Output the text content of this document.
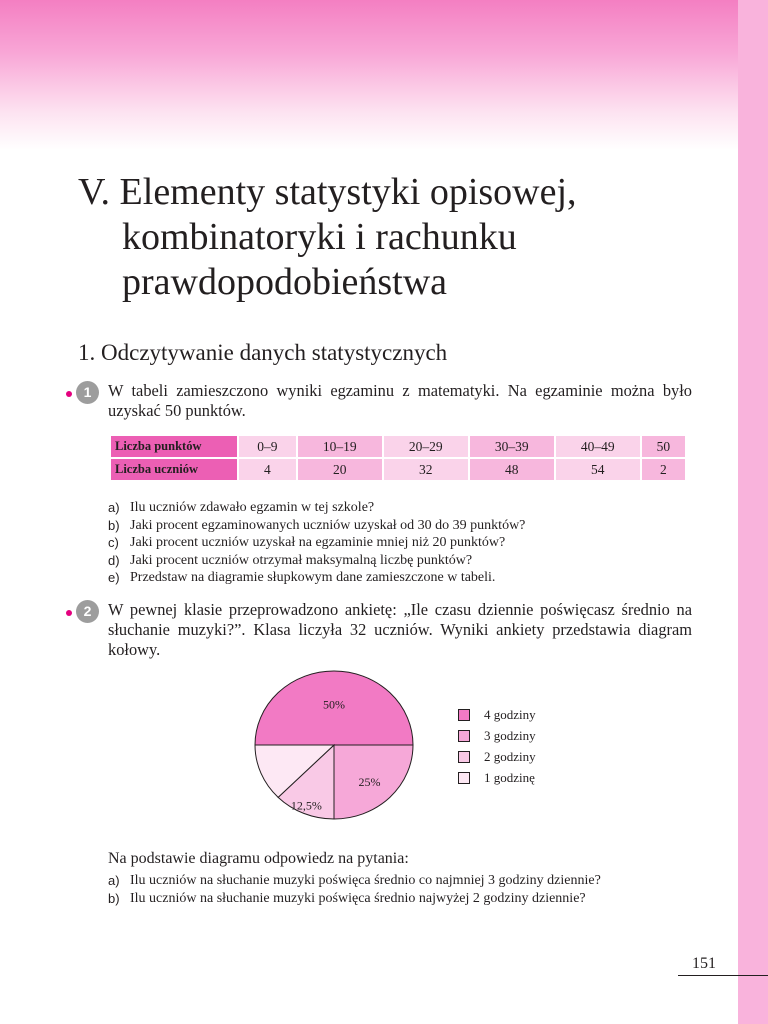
V. Elementy statystyki opisowej,
kombinatoryki i rachunku
prawdopodobieństwa
1. Odczytywanie danych statystycznych
1	W tabeli zamieszczono wyniki egzaminu z matematyki. Na egzaminie można było uzyskać 50 punktów.

Liczba punktów	0–9	10–19	20–29	30–39	40–49	50
Liczba uczniów	4	20	32	48	54	2
a) Ilu uczniów zdawało egzamin w tej szkole?
b) Jaki procent egzaminowanych uczniów uzyskał od 30 do 39 punktów?
c) Jaki procent uczniów uzyskał na egzaminie mniej niż 20 punktów?
d) Jaki procent uczniów otrzymał maksymalną liczbę punktów?
e) Przedstaw na diagramie słupkowym dane zamieszczone w tabeli.
2	W pewnej klasie przeprowadzono ankietę: „Ile czasu dziennie poświęcasz średnio na słuchanie muzyki?”. Klasa liczyła 32 uczniów. Wyniki ankiety przedstawia diagram kołowy.

50%
25%
12,5%
4 godziny
3 godziny
2 godziny
1 godzinę

Na podstawie diagramu odpowiedz na pytania:

a) Ilu uczniów na słuchanie muzyki poświęca średnio co najmniej 3 godziny dziennie?
b) Ilu uczniów na słuchanie muzyki poświęca średnio najwyżej 2 godziny dziennie?
151
